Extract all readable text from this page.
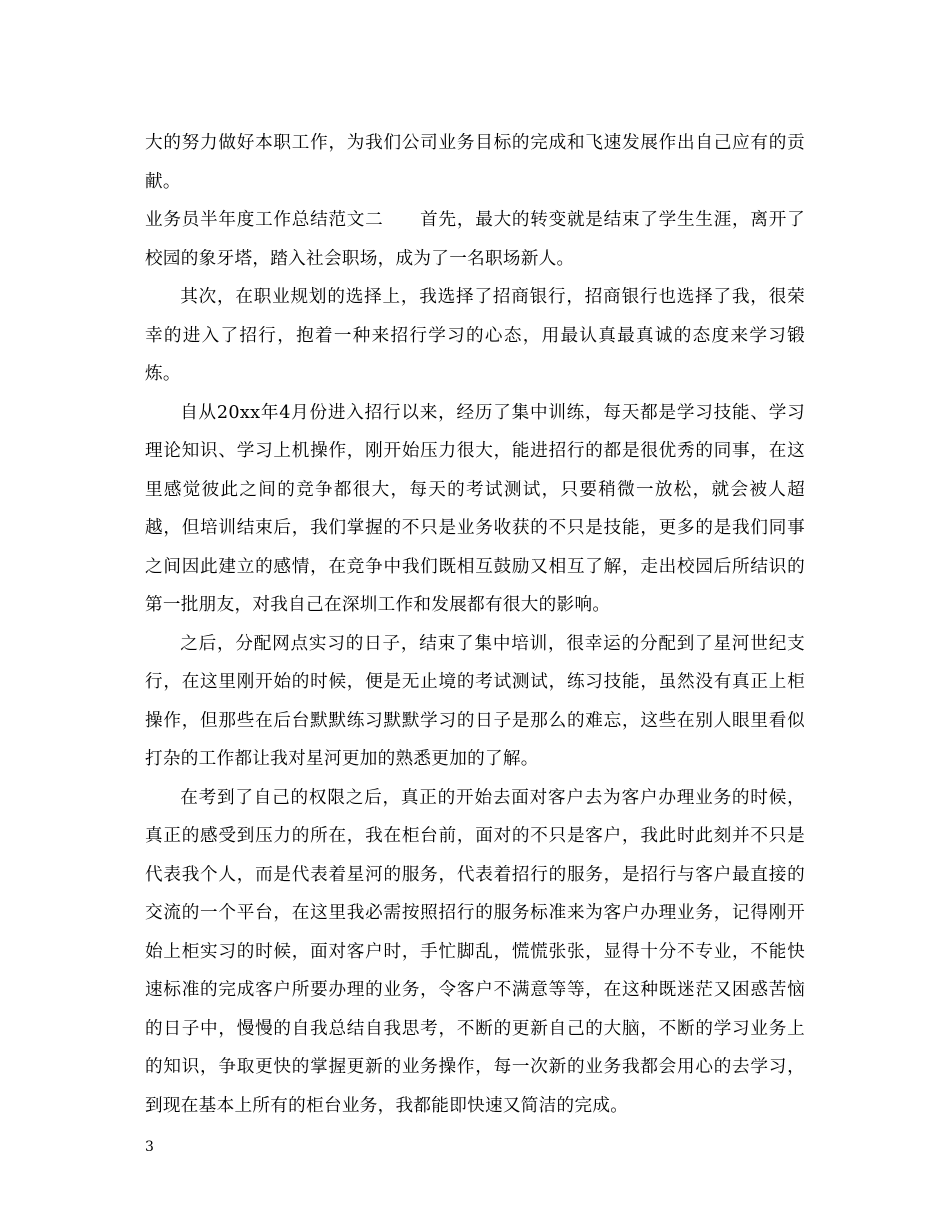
大的努力做好本职工作，为我们公司业务目标的完成和飞速发展作出自己应有的贡献。

业务员半年度工作总结范文二　　首先，最大的转变就是结束了学生生涯，离开了校园的象牙塔，踏入社会职场，成为了一名职场新人。

其次，在职业规划的选择上，我选择了招商银行，招商银行也选择了我，很荣幸的进入了招行，抱着一种来招行学习的心态，用最认真最真诚的态度来学习锻炼。

自从20xx年4月份进入招行以来，经历了集中训练，每天都是学习技能、学习理论知识、学习上机操作，刚开始压力很大，能进招行的都是很优秀的同事，在这里感觉彼此之间的竞争都很大，每天的考试测试，只要稍微一放松，就会被人超越，但培训结束后，我们掌握的不只是业务收获的不只是技能，更多的是我们同事之间因此建立的感情，在竞争中我们既相互鼓励又相互了解，走出校园后所结识的第一批朋友，对我自己在深圳工作和发展都有很大的影响。

之后，分配网点实习的日子，结束了集中培训，很幸运的分配到了星河世纪支行，在这里刚开始的时候，便是无止境的考试测试，练习技能，虽然没有真正上柜操作，但那些在后台默默练习默默学习的日子是那么的难忘，这些在别人眼里看似打杂的工作都让我对星河更加的熟悉更加的了解。

在考到了自己的权限之后，真正的开始去面对客户去为客户办理业务的时候，真正的感受到压力的所在，我在柜台前，面对的不只是客户，我此时此刻并不只是代表我个人，而是代表着星河的服务，代表着招行的服务，是招行与客户最直接的交流的一个平台，在这里我必需按照招行的服务标准来为客户办理业务，记得刚开始上柜实习的时候，面对客户时，手忙脚乱，慌慌张张，显得十分不专业，不能快速标准的完成客户所要办理的业务，令客户不满意等等，在这种既迷茫又困惑苦恼的日子中，慢慢的自我总结自我思考，不断的更新自己的大脑，不断的学习业务上的知识，争取更快的掌握更新的业务操作，每一次新的业务我都会用心的去学习，到现在基本上所有的柜台业务，我都能即快速又简洁的完成。

3
